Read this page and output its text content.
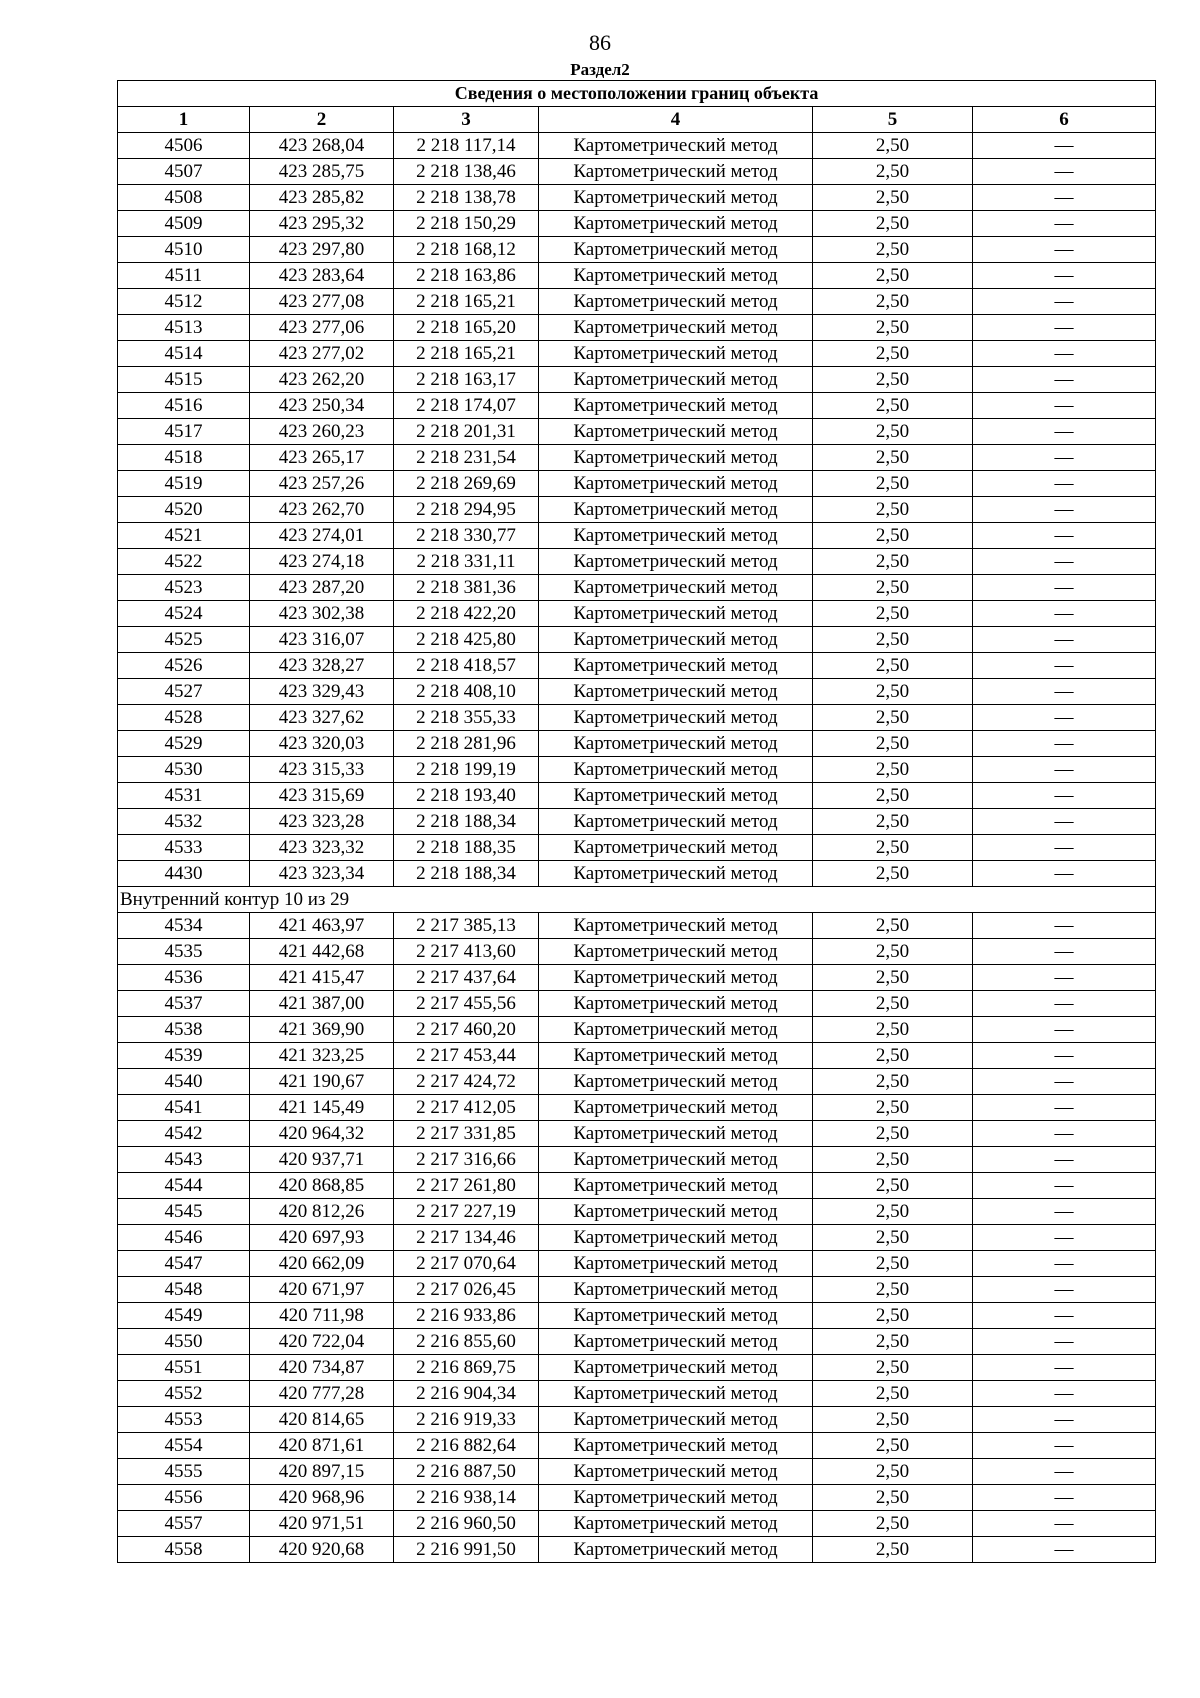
86
Раздел2
Сведения о местоположении границ объекта					
1	2	3	4	5	6
4506	423 268,04	2 218 117,14	Картометрический метод	2,50	—
4507	423 285,75	2 218 138,46	Картометрический метод	2,50	—
4508	423 285,82	2 218 138,78	Картометрический метод	2,50	—
4509	423 295,32	2 218 150,29	Картометрический метод	2,50	—
4510	423 297,80	2 218 168,12	Картометрический метод	2,50	—
4511	423 283,64	2 218 163,86	Картометрический метод	2,50	—
4512	423 277,08	2 218 165,21	Картометрический метод	2,50	—
4513	423 277,06	2 218 165,20	Картометрический метод	2,50	—
4514	423 277,02	2 218 165,21	Картометрический метод	2,50	—
4515	423 262,20	2 218 163,17	Картометрический метод	2,50	—
4516	423 250,34	2 218 174,07	Картометрический метод	2,50	—
4517	423 260,23	2 218 201,31	Картометрический метод	2,50	—
4518	423 265,17	2 218 231,54	Картометрический метод	2,50	—
4519	423 257,26	2 218 269,69	Картометрический метод	2,50	—
4520	423 262,70	2 218 294,95	Картометрический метод	2,50	—
4521	423 274,01	2 218 330,77	Картометрический метод	2,50	—
4522	423 274,18	2 218 331,11	Картометрический метод	2,50	—
4523	423 287,20	2 218 381,36	Картометрический метод	2,50	—
4524	423 302,38	2 218 422,20	Картометрический метод	2,50	—
4525	423 316,07	2 218 425,80	Картометрический метод	2,50	—
4526	423 328,27	2 218 418,57	Картометрический метод	2,50	—
4527	423 329,43	2 218 408,10	Картометрический метод	2,50	—
4528	423 327,62	2 218 355,33	Картометрический метод	2,50	—
4529	423 320,03	2 218 281,96	Картометрический метод	2,50	—
4530	423 315,33	2 218 199,19	Картометрический метод	2,50	—
4531	423 315,69	2 218 193,40	Картометрический метод	2,50	—
4532	423 323,28	2 218 188,34	Картометрический метод	2,50	—
4533	423 323,32	2 218 188,35	Картометрический метод	2,50	—
4430	423 323,34	2 218 188,34	Картометрический метод	2,50	—
Внутренний контур 10 из 29					
4534	421 463,97	2 217 385,13	Картометрический метод	2,50	—
4535	421 442,68	2 217 413,60	Картометрический метод	2,50	—
4536	421 415,47	2 217 437,64	Картометрический метод	2,50	—
4537	421 387,00	2 217 455,56	Картометрический метод	2,50	—
4538	421 369,90	2 217 460,20	Картометрический метод	2,50	—
4539	421 323,25	2 217 453,44	Картометрический метод	2,50	—
4540	421 190,67	2 217 424,72	Картометрический метод	2,50	—
4541	421 145,49	2 217 412,05	Картометрический метод	2,50	—
4542	420 964,32	2 217 331,85	Картометрический метод	2,50	—
4543	420 937,71	2 217 316,66	Картометрический метод	2,50	—
4544	420 868,85	2 217 261,80	Картометрический метод	2,50	—
4545	420 812,26	2 217 227,19	Картометрический метод	2,50	—
4546	420 697,93	2 217 134,46	Картометрический метод	2,50	—
4547	420 662,09	2 217 070,64	Картометрический метод	2,50	—
4548	420 671,97	2 217 026,45	Картометрический метод	2,50	—
4549	420 711,98	2 216 933,86	Картометрический метод	2,50	—
4550	420 722,04	2 216 855,60	Картометрический метод	2,50	—
4551	420 734,87	2 216 869,75	Картометрический метод	2,50	—
4552	420 777,28	2 216 904,34	Картометрический метод	2,50	—
4553	420 814,65	2 216 919,33	Картометрический метод	2,50	—
4554	420 871,61	2 216 882,64	Картометрический метод	2,50	—
4555	420 897,15	2 216 887,50	Картометрический метод	2,50	—
4556	420 968,96	2 216 938,14	Картометрический метод	2,50	—
4557	420 971,51	2 216 960,50	Картометрический метод	2,50	—
4558	420 920,68	2 216 991,50	Картометрический метод	2,50	—
